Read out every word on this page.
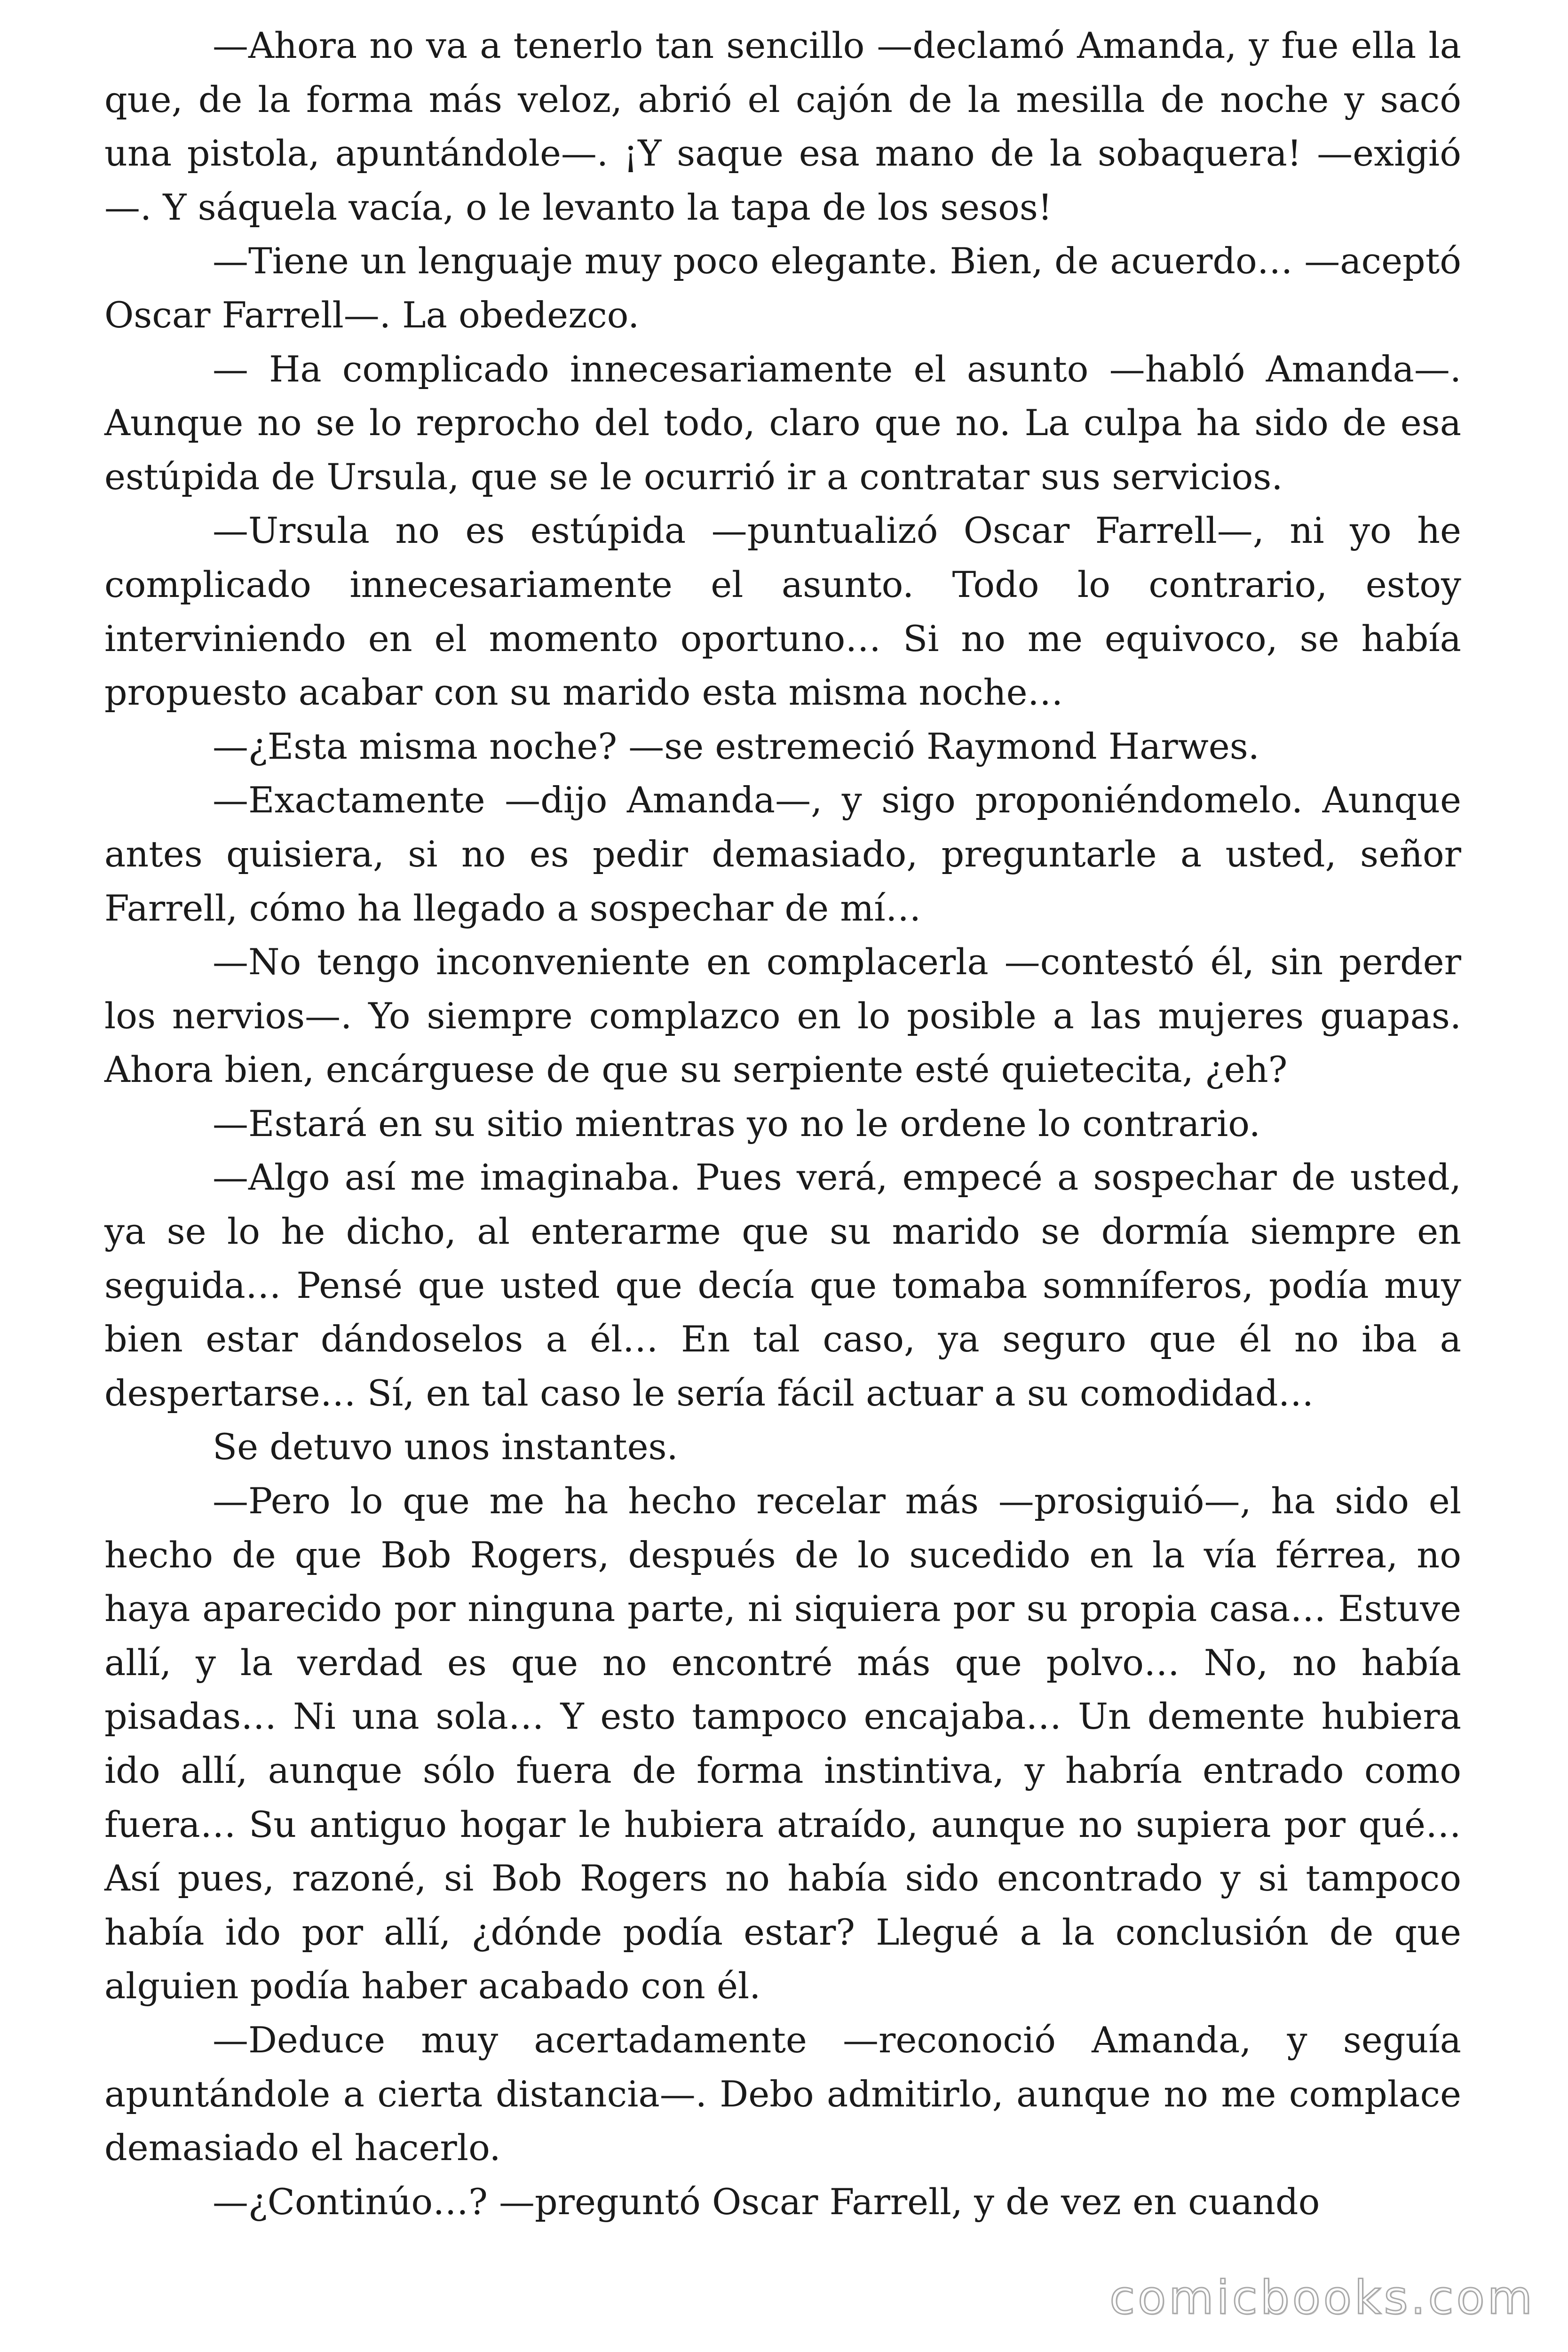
—Ahora no va a tenerlo tan sencillo —declamó Amanda, y fue ella la que, de la forma más veloz, abrió el cajón de la mesilla de noche y sacó una pistola, apuntándole—. ¡Y saque esa mano de la sobaquera! —exigió—. Y sáquela vacía, o le levanto la tapa de los sesos!

—Tiene un lenguaje muy poco elegante. Bien, de acuerdo… —aceptó Oscar Farrell—. La obedezco.

— Ha complicado innecesariamente el asunto —habló Amanda—. Aunque no se lo reprocho del todo, claro que no. La culpa ha sido de esa estúpida de Ursula, que se le ocurrió ir a contratar sus servicios.

—Ursula no es estúpida —puntualizó Oscar Farrell—, ni yo he complicado innecesariamente el asunto. Todo lo contrario, estoy interviniendo en el momento oportuno… Si no me equivoco, se había propuesto acabar con su marido esta misma noche…

—¿Esta misma noche? —se estremeció Raymond Harwes.

—Exactamente —dijo Amanda—, y sigo proponiéndomelo. Aunque antes quisiera, si no es pedir demasiado, preguntarle a usted, señor Farrell, cómo ha llegado a sospechar de mí…

—No tengo inconveniente en complacerla —contestó él, sin perder los nervios—. Yo siempre complazco en lo posible a las mujeres guapas. Ahora bien, encárguese de que su serpiente esté quietecita, ¿eh?

—Estará en su sitio mientras yo no le ordene lo contrario.

—Algo así me imaginaba. Pues verá, empecé a sospechar de usted, ya se lo he dicho, al enterarme que su marido se dormía siempre en seguida… Pensé que usted que decía que tomaba somníferos, podía muy bien estar dándoselos a él… En tal caso, ya seguro que él no iba a despertarse… Sí, en tal caso le sería fácil actuar a su comodidad…

Se detuvo unos instantes.

—Pero lo que me ha hecho recelar más —prosiguió—, ha sido el hecho de que Bob Rogers, después de lo sucedido en la vía férrea, no haya aparecido por ninguna parte, ni siquiera por su propia casa… Estuve allí, y la verdad es que no encontré más que polvo… No, no había pisadas… Ni una sola… Y esto tampoco encajaba… Un demente hubiera ido allí, aunque sólo fuera de forma instintiva, y habría entrado como fuera… Su antiguo hogar le hubiera atraído, aunque no supiera por qué… Así pues, razoné, si Bob Rogers no había sido encontrado y si tampoco había ido por allí, ¿dónde podía estar? Llegué a la conclusión de que alguien podía haber acabado con él.

—Deduce muy acertadamente —reconoció Amanda, y seguía apuntándole a cierta distancia—. Debo admitirlo, aunque no me complace demasiado el hacerlo.

—¿Continúo…? —preguntó Oscar Farrell, y de vez en cuando

comicbooks.com
